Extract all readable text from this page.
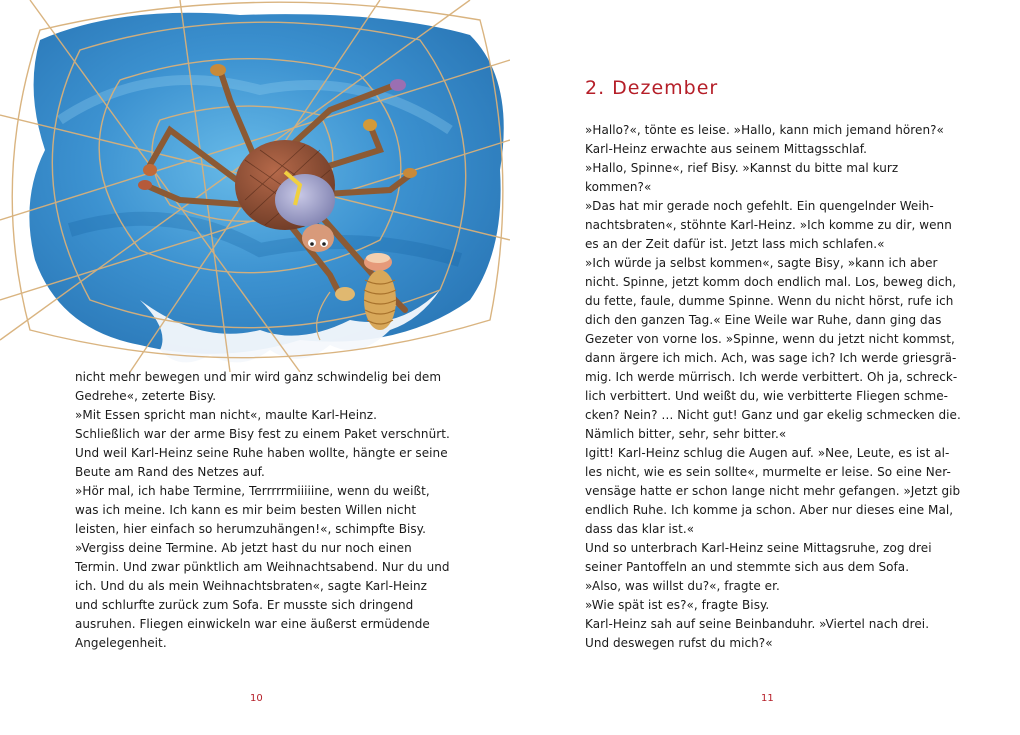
nicht mehr bewegen und mir wird ganz schwindelig bei dem
Gedrehe«, zeterte Bisy.
»Mit Essen spricht man nicht«, maulte Karl-Heinz.
Schließlich war der arme Bisy fest zu einem Paket verschnürt.
Und weil Karl-Heinz seine Ruhe haben wollte, hängte er seine
Beute am Rand des Netzes auf.
»Hör mal, ich habe Termine, Terrrrrmiiiiine, wenn du weißt,
was ich meine. Ich kann es mir beim besten Willen nicht
leisten, hier einfach so herumzuhängen!«, schimpfte Bisy.
»Vergiss deine Termine. Ab jetzt hast du nur noch einen
Termin. Und zwar pünktlich am Weihnachtsabend. Nur du und
ich. Und du als mein Weihnachtsbraten«, sagte Karl-Heinz
und schlurfte zurück zum Sofa. Er musste sich dringend
ausruhen. Fliegen einwickeln war eine äußerst ermüdende
Angelegenheit.
10
2. Dezember
»Hallo?«, tönte es leise. »Hallo, kann mich jemand hören?«
Karl-Heinz erwachte aus seinem Mittagsschlaf.
»Hallo, Spinne«, rief Bisy. »Kannst du bitte mal kurz
kommen?«
»Das hat mir gerade noch gefehlt. Ein quengelnder Weih-
nachtsbraten«, stöhnte Karl-Heinz. »Ich komme zu dir, wenn
es an der Zeit dafür ist. Jetzt lass mich schlafen.«
»Ich würde ja selbst kommen«, sagte Bisy, »kann ich aber
nicht. Spinne, jetzt komm doch endlich mal. Los, beweg dich,
du fette, faule, dumme Spinne. Wenn du nicht hörst, rufe ich
dich den ganzen Tag.« Eine Weile war Ruhe, dann ging das
Gezeter von vorne los. »Spinne, wenn du jetzt nicht kommst,
dann ärgere ich mich. Ach, was sage ich? Ich werde griesgrä-
mig. Ich werde mürrisch. Ich werde verbittert. Oh ja, schreck-
lich verbittert. Und weißt du, wie verbitterte Fliegen schme-
cken? Nein? … Nicht gut! Ganz und gar ekelig schmecken die.
Nämlich bitter, sehr, sehr bitter.«
Igitt! Karl-Heinz schlug die Augen auf. »Nee, Leute, es ist al-
les nicht, wie es sein sollte«, murmelte er leise. So eine Ner-
vensäge hatte er schon lange nicht mehr gefangen. »Jetzt gib
endlich Ruhe. Ich komme ja schon. Aber nur dieses eine Mal,
dass das klar ist.«
Und so unterbrach Karl-Heinz seine Mittagsruhe, zog drei
seiner Pantoffeln an und stemmte sich aus dem Sofa.
»Also, was willst du?«, fragte er.
»Wie spät ist es?«, fragte Bisy.
Karl-Heinz sah auf seine Beinbanduhr. »Viertel nach drei.
Und deswegen rufst du mich?«
11
